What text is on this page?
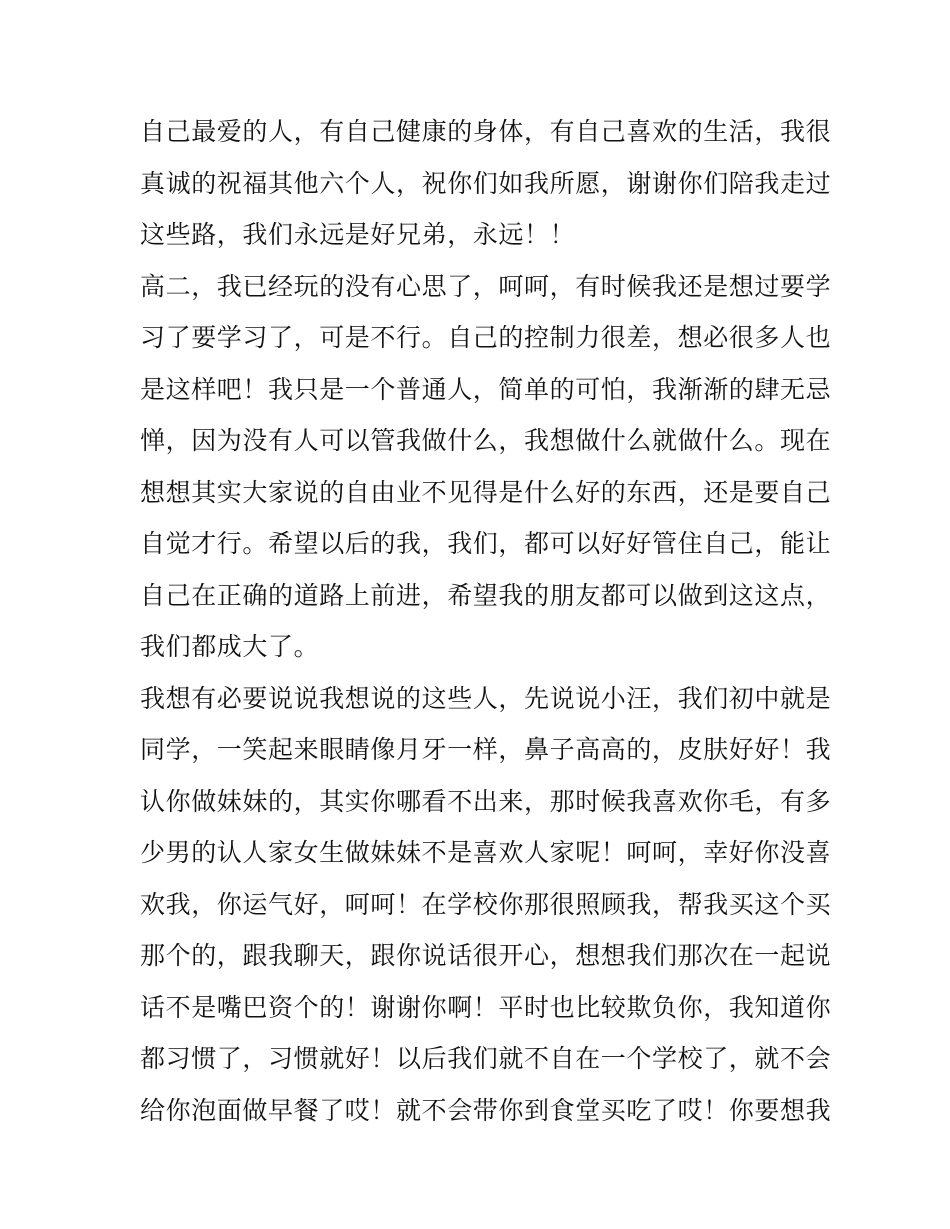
自己最爱的人，有自己健康的身体，有自己喜欢的生活，我很
真诚的祝福其他六个人，祝你们如我所愿，谢谢你们陪我走过
这些路，我们永远是好兄弟，永远！！
高二，我已经玩的没有心思了，呵呵，有时候我还是想过要学
习了要学习了，可是不行。自己的控制力很差，想必很多人也
是这样吧！我只是一个普通人，简单的可怕，我渐渐的肆无忌
惮，因为没有人可以管我做什么，我想做什么就做什么。现在
想想其实大家说的自由业不见得是什么好的东西，还是要自己
自觉才行。希望以后的我，我们，都可以好好管住自己，能让
自己在正确的道路上前进，希望我的朋友都可以做到这这点，
我们都成大了。
我想有必要说说我想说的这些人，先说说小汪，我们初中就是
同学，一笑起来眼睛像月牙一样，鼻子高高的，皮肤好好！我
认你做妹妹的，其实你哪看不出来，那时候我喜欢你毛，有多
少男的认人家女生做妹妹不是喜欢人家呢！呵呵，幸好你没喜
欢我，你运气好，呵呵！在学校你那很照顾我，帮我买这个买
那个的，跟我聊天，跟你说话很开心，想想我们那次在一起说
话不是嘴巴资个的！谢谢你啊！平时也比较欺负你，我知道你
都习惯了，习惯就好！以后我们就不自在一个学校了，就不会
给你泡面做早餐了哎！就不会带你到食堂买吃了哎！你要想我
